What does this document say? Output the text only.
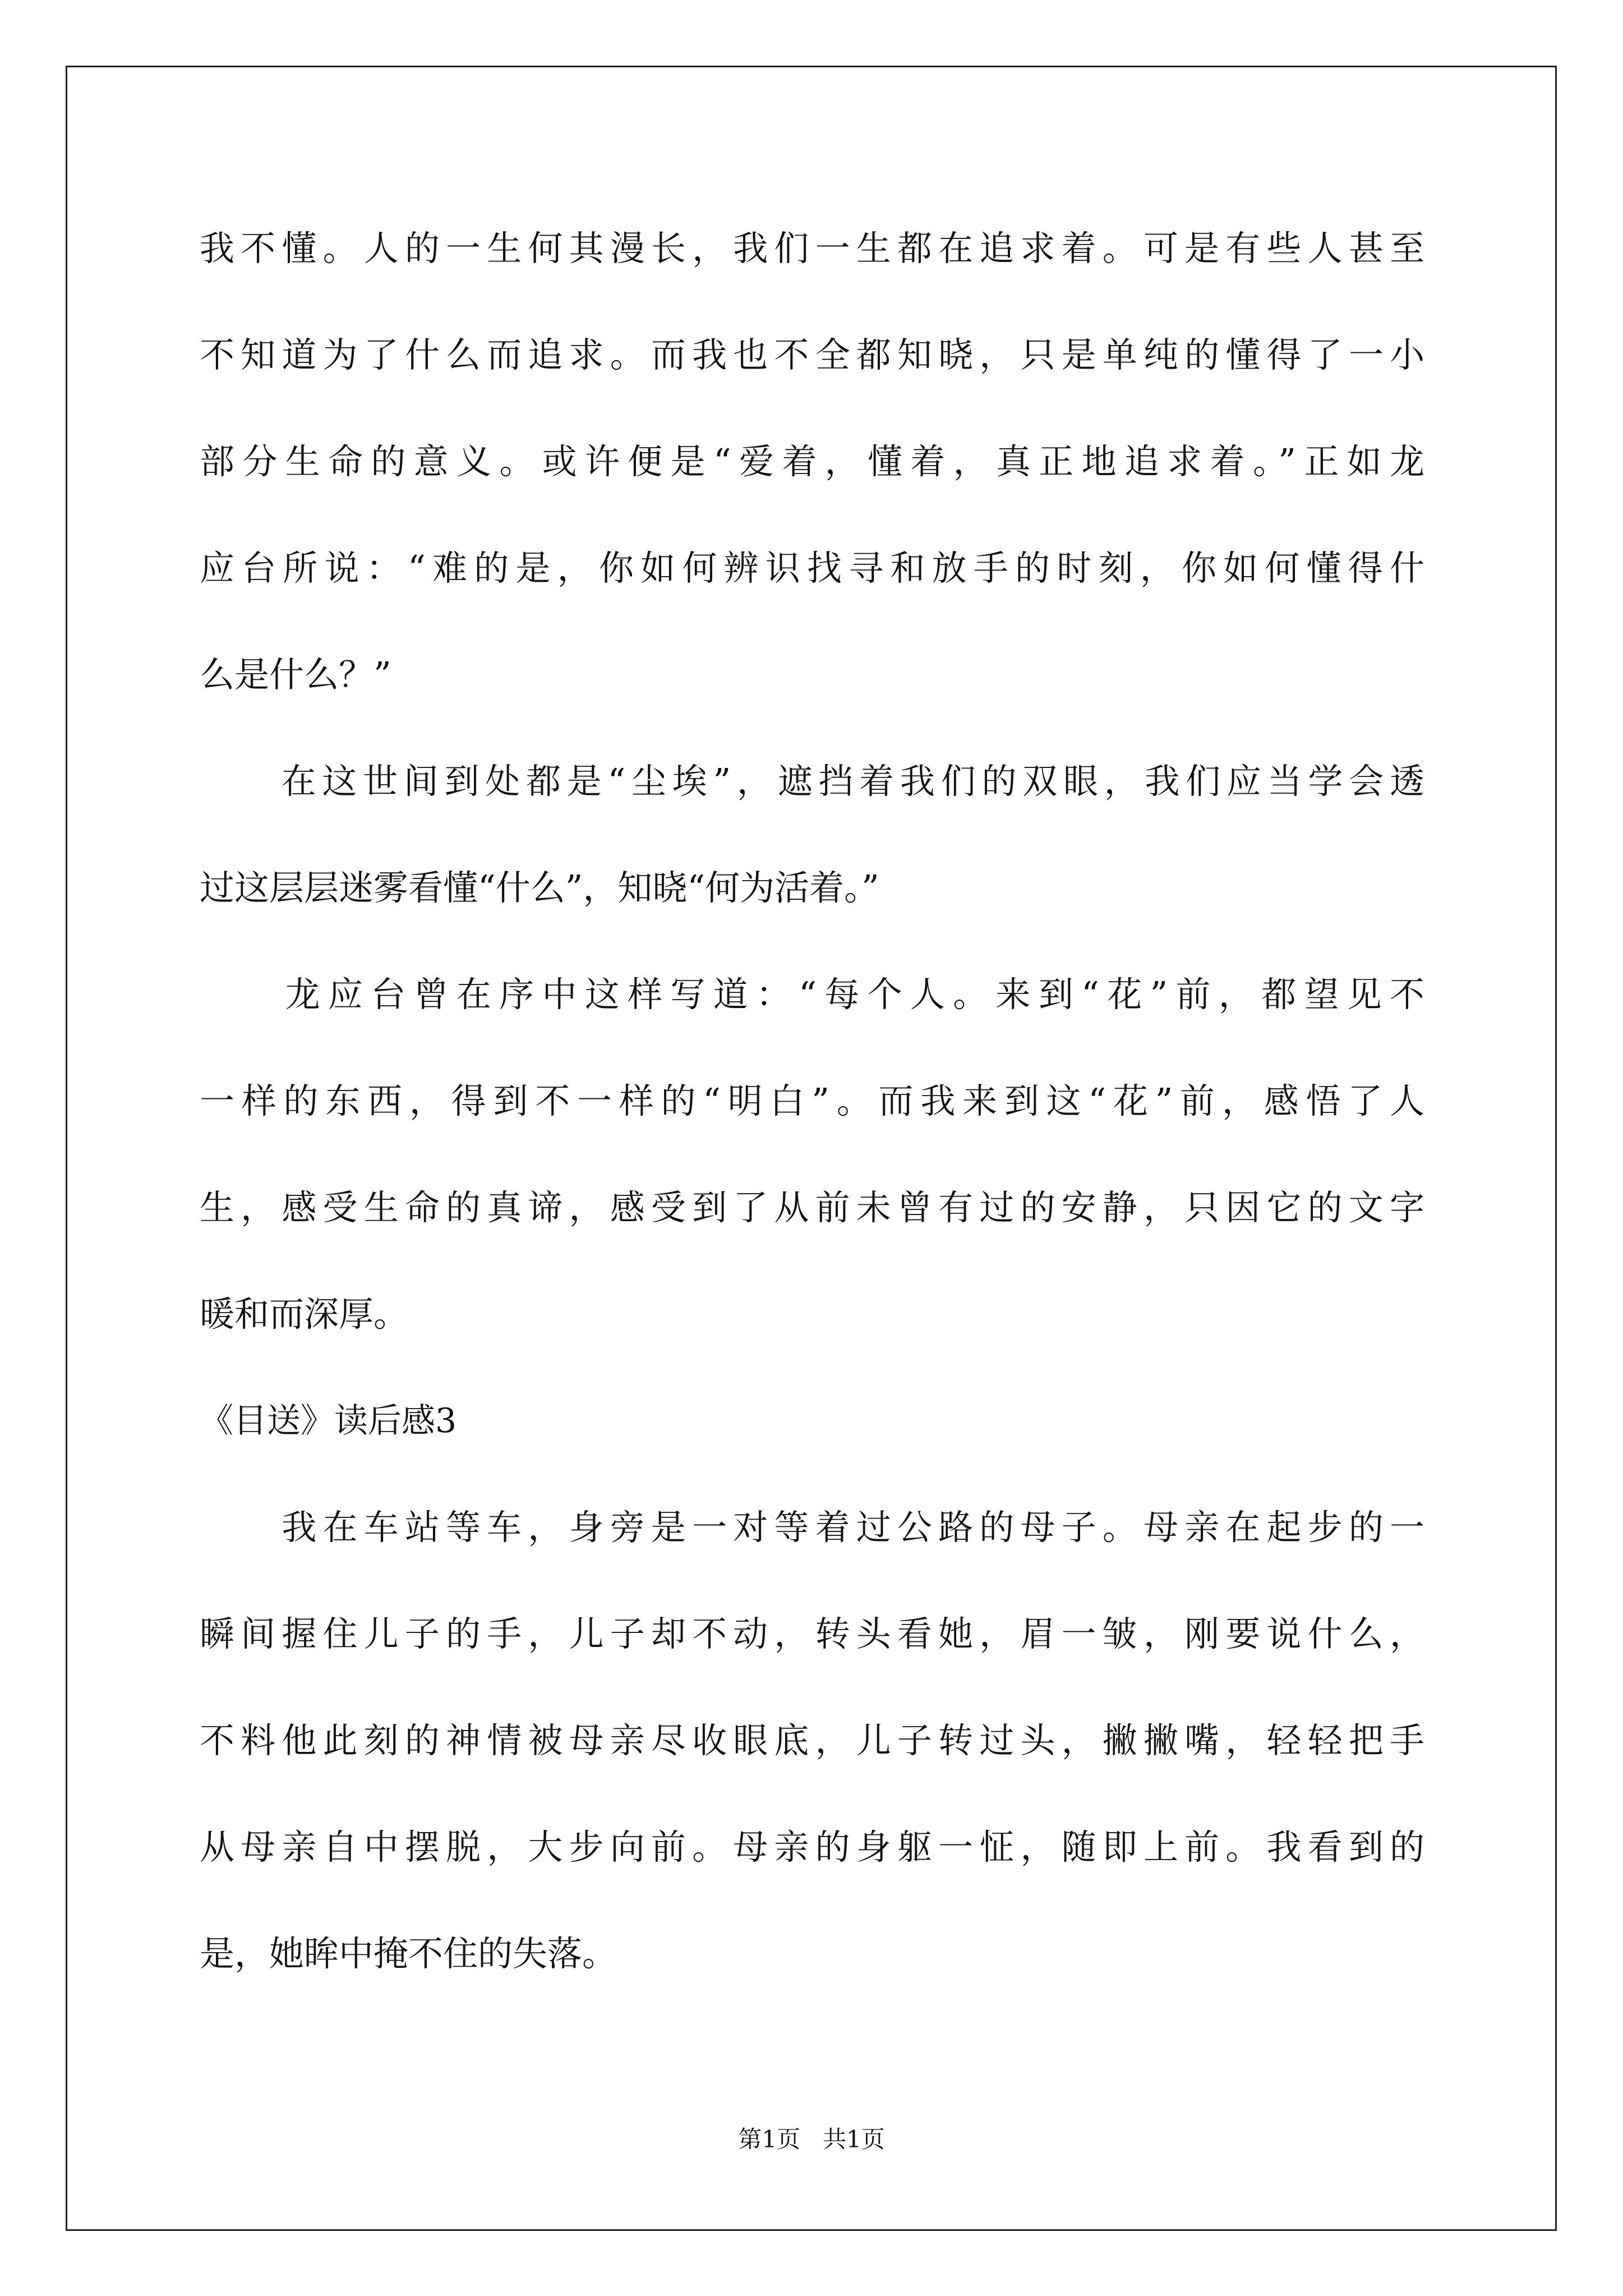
我不懂。人的一生何其漫长，我们一生都在追求着。可是有些人甚至
不知道为了什么而追求。而我也不全都知晓，只是单纯的懂得了一小
部分生命的意义。或许便是“爱着，懂着，真正地追求着。”正如龙
应台所说：“难的是，你如何辨识找寻和放手的时刻，你如何懂得什
么是什么？”
　　在这世间到处都是“尘埃”，遮挡着我们的双眼，我们应当学会透
过这层层迷雾看懂“什么”，知晓“何为活着。”
　　龙应台曾在序中这样写道：“每个人。来到“花”前，都望见不
一样的东西，得到不一样的“明白”。而我来到这“花”前，感悟了人
生，感受生命的真谛，感受到了从前未曾有过的安静，只因它的文字
暖和而深厚。
《目送》读后感3
　　我在车站等车，身旁是一对等着过公路的母子。母亲在起步的一
瞬间握住儿子的手，儿子却不动，转头看她，眉一皱，刚要说什么，
不料他此刻的神情被母亲尽收眼底，儿子转过头，撇撇嘴，轻轻把手
从母亲自中摆脱，大步向前。母亲的身躯一怔，随即上前。我看到的
是，她眸中掩不住的失落。
第1页 共1页
